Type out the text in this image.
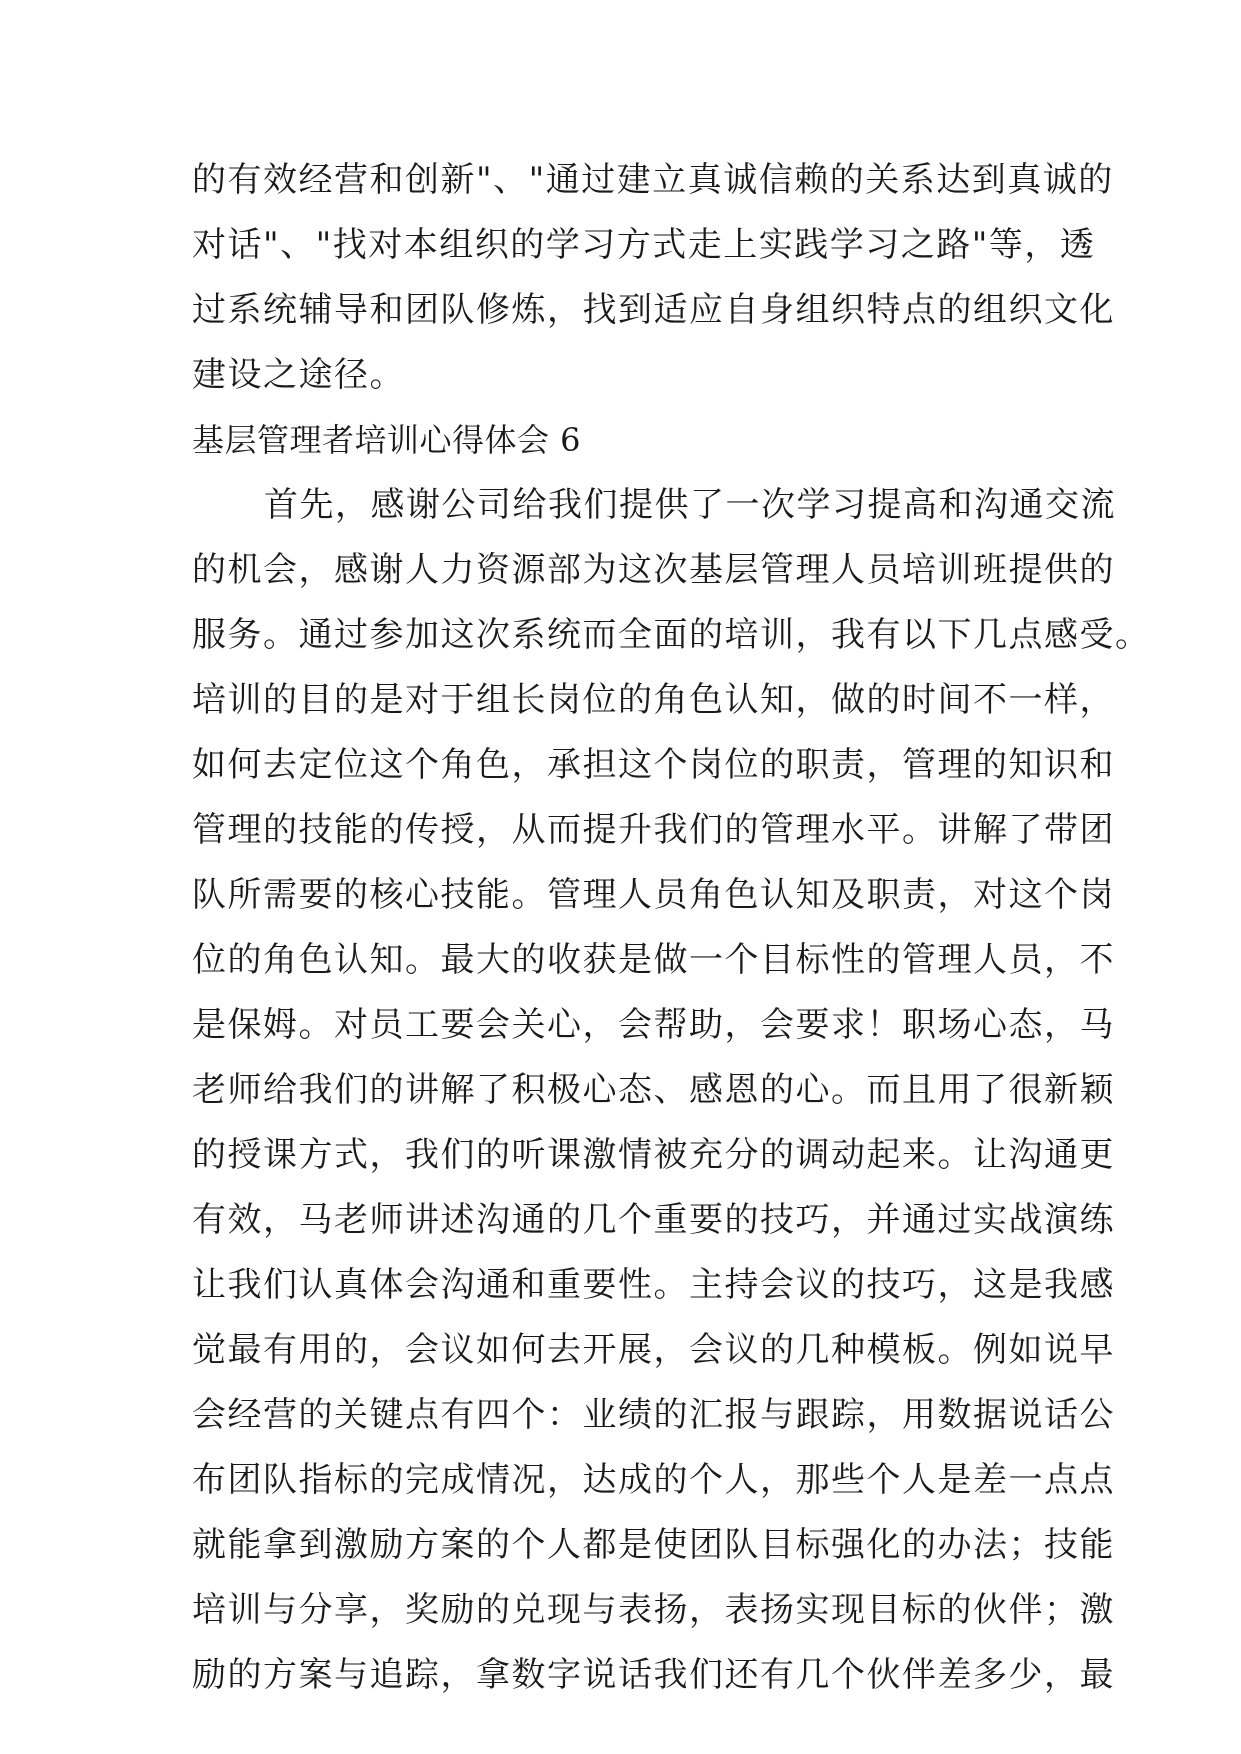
的有效经营和创新"、"通过建立真诚信赖的关系达到真诚的
对话"、"找对本组织的学习方式走上实践学习之路"等，透
过系统辅导和团队修炼，找到适应自身组织特点的组织文化
建设之途径。
基层管理者培训心得体会 6
首先，感谢公司给我们提供了一次学习提高和沟通交流
的机会，感谢人力资源部为这次基层管理人员培训班提供的
服务。通过参加这次系统而全面的培训，我有以下几点感受。
培训的目的是对于组长岗位的角色认知，做的时间不一样，
如何去定位这个角色，承担这个岗位的职责，管理的知识和
管理的技能的传授，从而提升我们的管理水平。讲解了带团
队所需要的核心技能。管理人员角色认知及职责，对这个岗
位的角色认知。最大的收获是做一个目标性的管理人员，不
是保姆。对员工要会关心，会帮助，会要求！职场心态，马
老师给我们的讲解了积极心态、感恩的心。而且用了很新颖
的授课方式，我们的听课激情被充分的调动起来。让沟通更
有效，马老师讲述沟通的几个重要的技巧，并通过实战演练
让我们认真体会沟通和重要性。主持会议的技巧，这是我感
觉最有用的，会议如何去开展，会议的几种模板。例如说早
会经营的关键点有四个：业绩的汇报与跟踪，用数据说话公
布团队指标的完成情况，达成的个人，那些个人是差一点点
就能拿到激励方案的个人都是使团队目标强化的办法；技能
培训与分享，奖励的兑现与表扬，表扬实现目标的伙伴；激
励的方案与追踪，拿数字说话我们还有几个伙伴差多少，最
